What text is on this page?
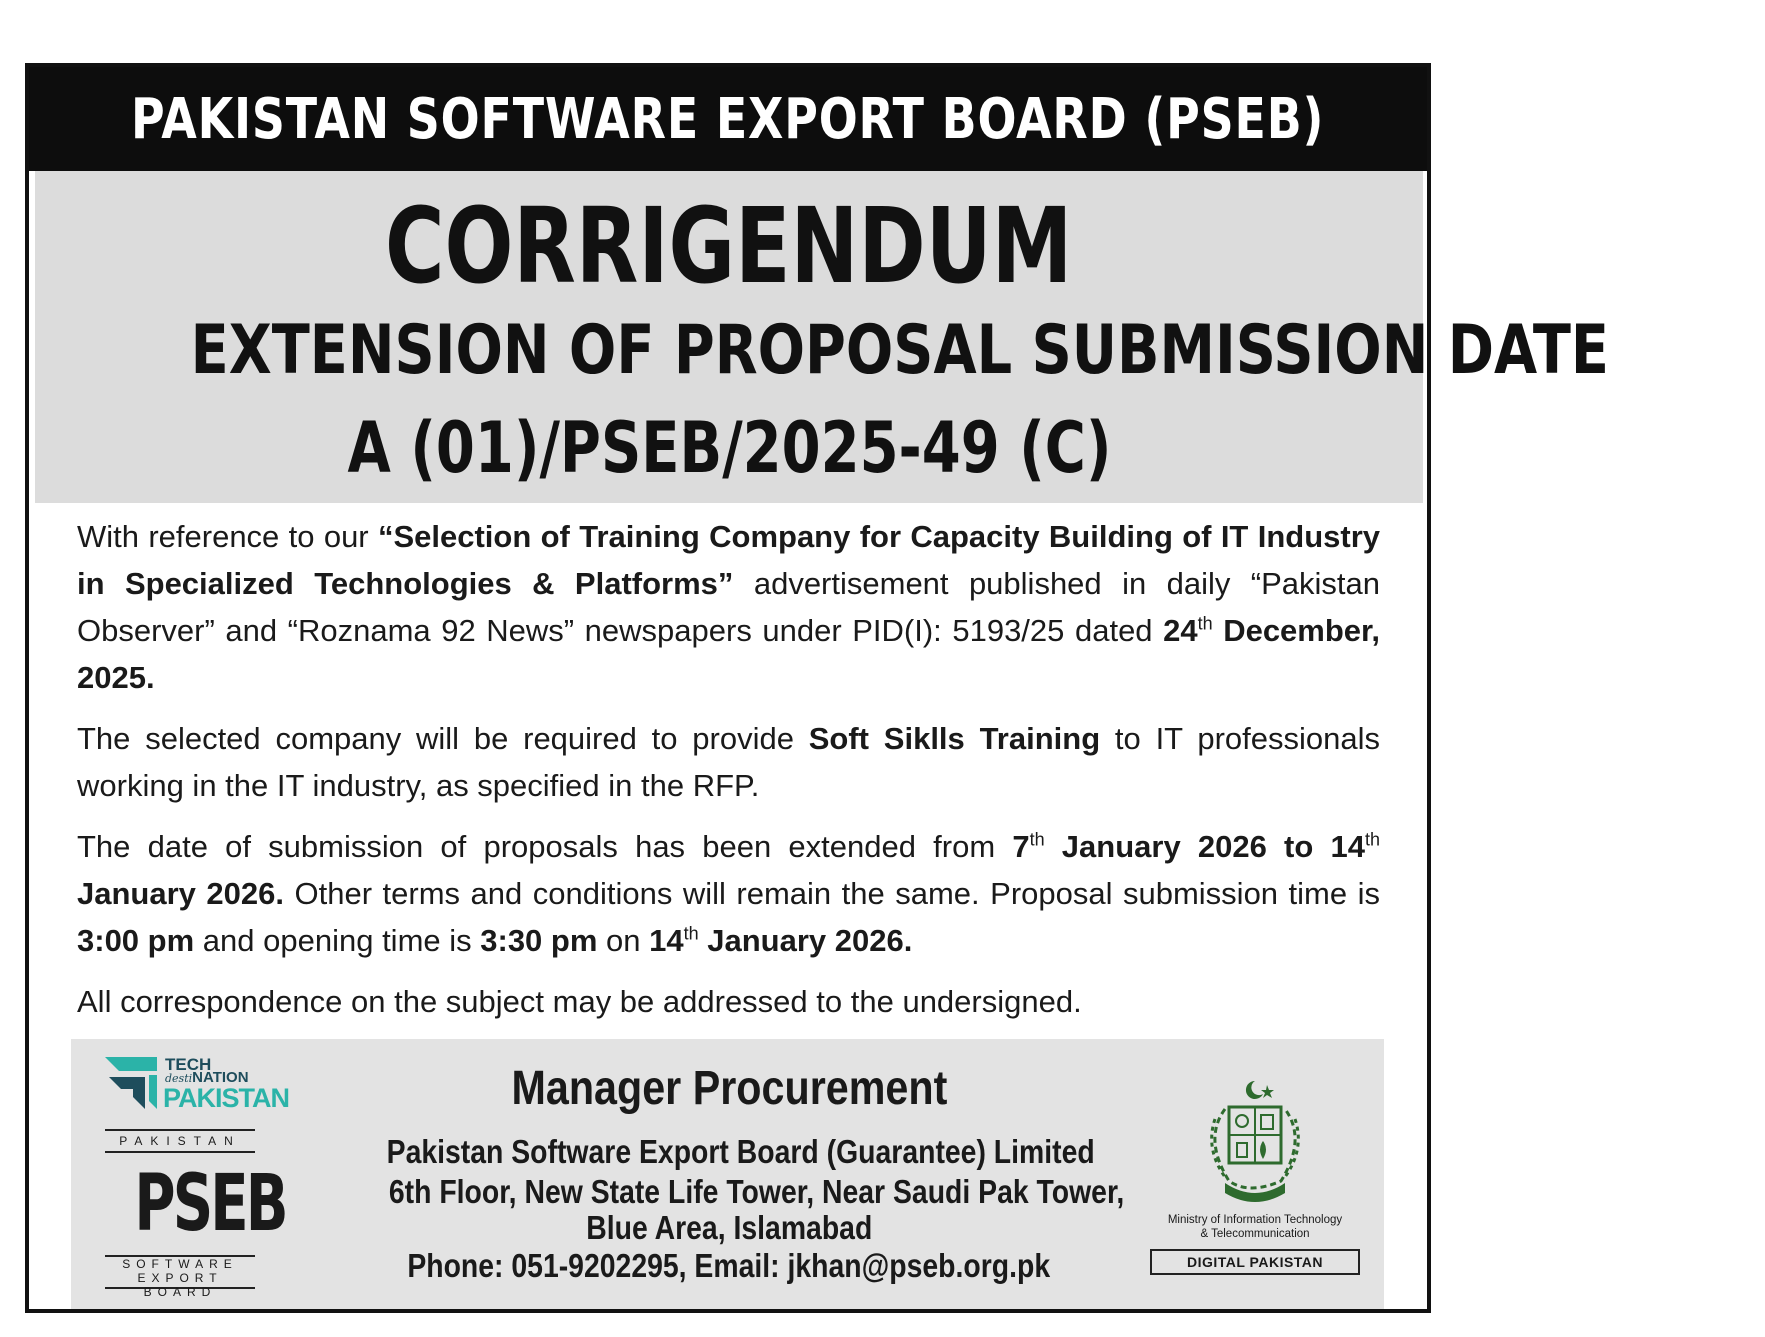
PAKISTAN SOFTWARE EXPORT BOARD (PSEB)
CORRIGENDUM
EXTENSION OF PROPOSAL SUBMISSION DATE
A (01)/PSEB/2025-49 (C)

With reference to our “Selection of Training Company for Capacity Building of IT Industry in Specialized Technologies & Platforms” advertisement published in daily “Pakistan Observer” and “Roznama 92 News” newspapers under PID(I): 5193/25 dated 24th December, 2025.

The selected company will be required to provide Soft Siklls Training to IT professionals working in the IT industry, as specified in the RFP.

The date of submission of proposals has been extended from 7th January 2026 to 14th January 2026. Other terms and conditions will remain the same. Proposal submission time is 3:00 pm and opening time is 3:30 pm on 14th January 2026.

All correspondence on the subject may be addressed to the undersigned.

TECH
destiNATION
PAKISTAN
PAKISTAN
PSEB
SOFTWARE
EXPORT BOARD
Manager Procurement
Pakistan Software Export Board (Guarantee) Limited
6th Floor, New State Life Tower, Near Saudi Pak Tower,
Blue Area, Islamabad
Phone: 051-9202295, Email: jkhan@pseb.org.pk
Ministry of Information Technology
& Telecommunication
DIGITAL PAKISTAN
